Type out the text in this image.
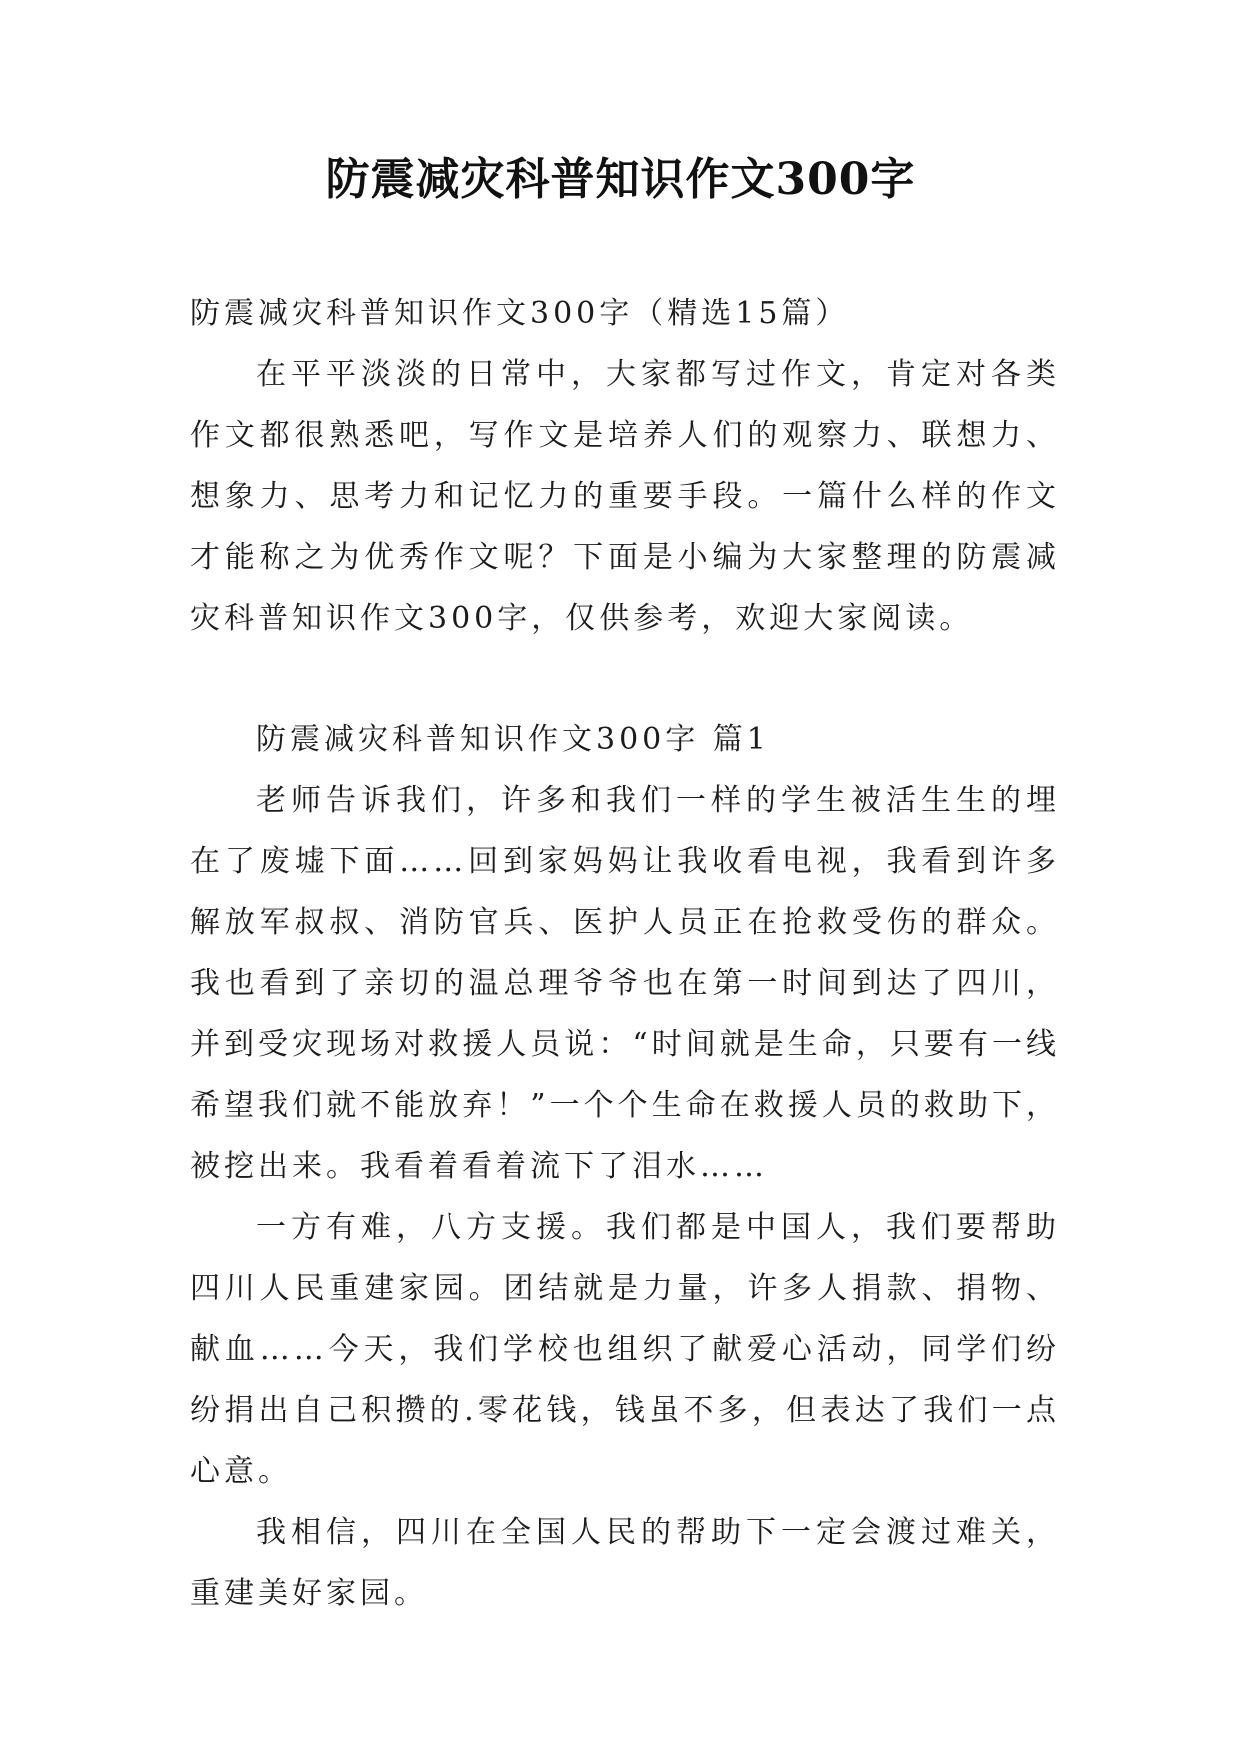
防震减灾科普知识作文300字

防震减灾科普知识作文300字（精选15篇）

在平平淡淡的日常中，大家都写过作文，肯定对各类作文都很熟悉吧，写作文是培养人们的观察力、联想力、想象力、思考力和记忆力的重要手段。一篇什么样的作文才能称之为优秀作文呢？下面是小编为大家整理的防震减灾科普知识作文300字，仅供参考，欢迎大家阅读。

防震减灾科普知识作文300字 篇1

老师告诉我们，许多和我们一样的学生被活生生的埋在了废墟下面……回到家妈妈让我收看电视，我看到许多解放军叔叔、消防官兵、医护人员正在抢救受伤的群众。我也看到了亲切的温总理爷爷也在第一时间到达了四川，并到受灾现场对救援人员说：“时间就是生命，只要有一线希望我们就不能放弃！”一个个生命在救援人员的救助下，被挖出来。我看着看着流下了泪水……

一方有难，八方支援。我们都是中国人，我们要帮助四川人民重建家园。团结就是力量，许多人捐款、捐物、献血……今天，我们学校也组织了献爱心活动，同学们纷纷捐出自己积攒的.零花钱，钱虽不多，但表达了我们一点心意。

我相信，四川在全国人民的帮助下一定会渡过难关，重建美好家园。
